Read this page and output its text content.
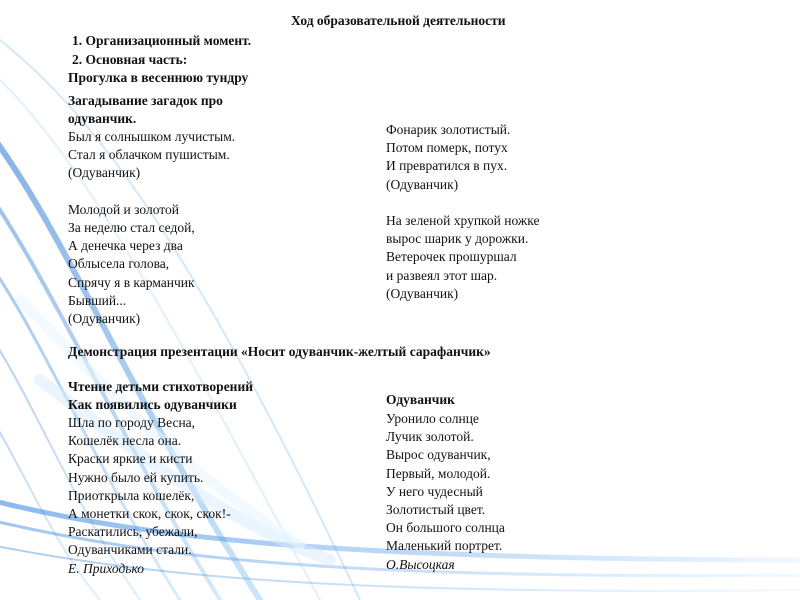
Ход образовательной деятельности
1. Организационный момент.
2. Основная часть:
Прогулка в весеннюю тундру
Загадывание загадок про
одуванчик.
Был я солнышком лучистым.
Стал я облачком пушистым.
(Одуванчик)

Молодой и золотой
За неделю стал седой,
А денечка через два
Облысела голова,
Спрячу я в карманчик
Бывший...
(Одуванчик)
Фонарик золотистый.
Потом померк, потух
И превратился в пух.
(Одуванчик)

На зеленой хрупкой ножке
вырос шарик у дорожки.
Ветерочек прошуршал
и развеял этот шар.
(Одуванчик)
Демонстрация презентации «Носит одуванчик-желтый сарафанчик»
Чтение детьми стихотворений
Как появились одуванчики
Шла по городу Весна,
Кошелёк несла она.
Краски яркие и кисти
Нужно было ей купить.
Приоткрыла кошелёк,
А монетки скок, скок, скок!-
Раскатились, убежали,
Одуванчиками стали.
Е. Приходько
Одуванчик
Уронило солнце
Лучик золотой.
Вырос одуванчик,
Первый, молодой.
У него чудесный
Золотистый цвет.
Он большого солнца
Маленький портрет.
О.Высоцкая
